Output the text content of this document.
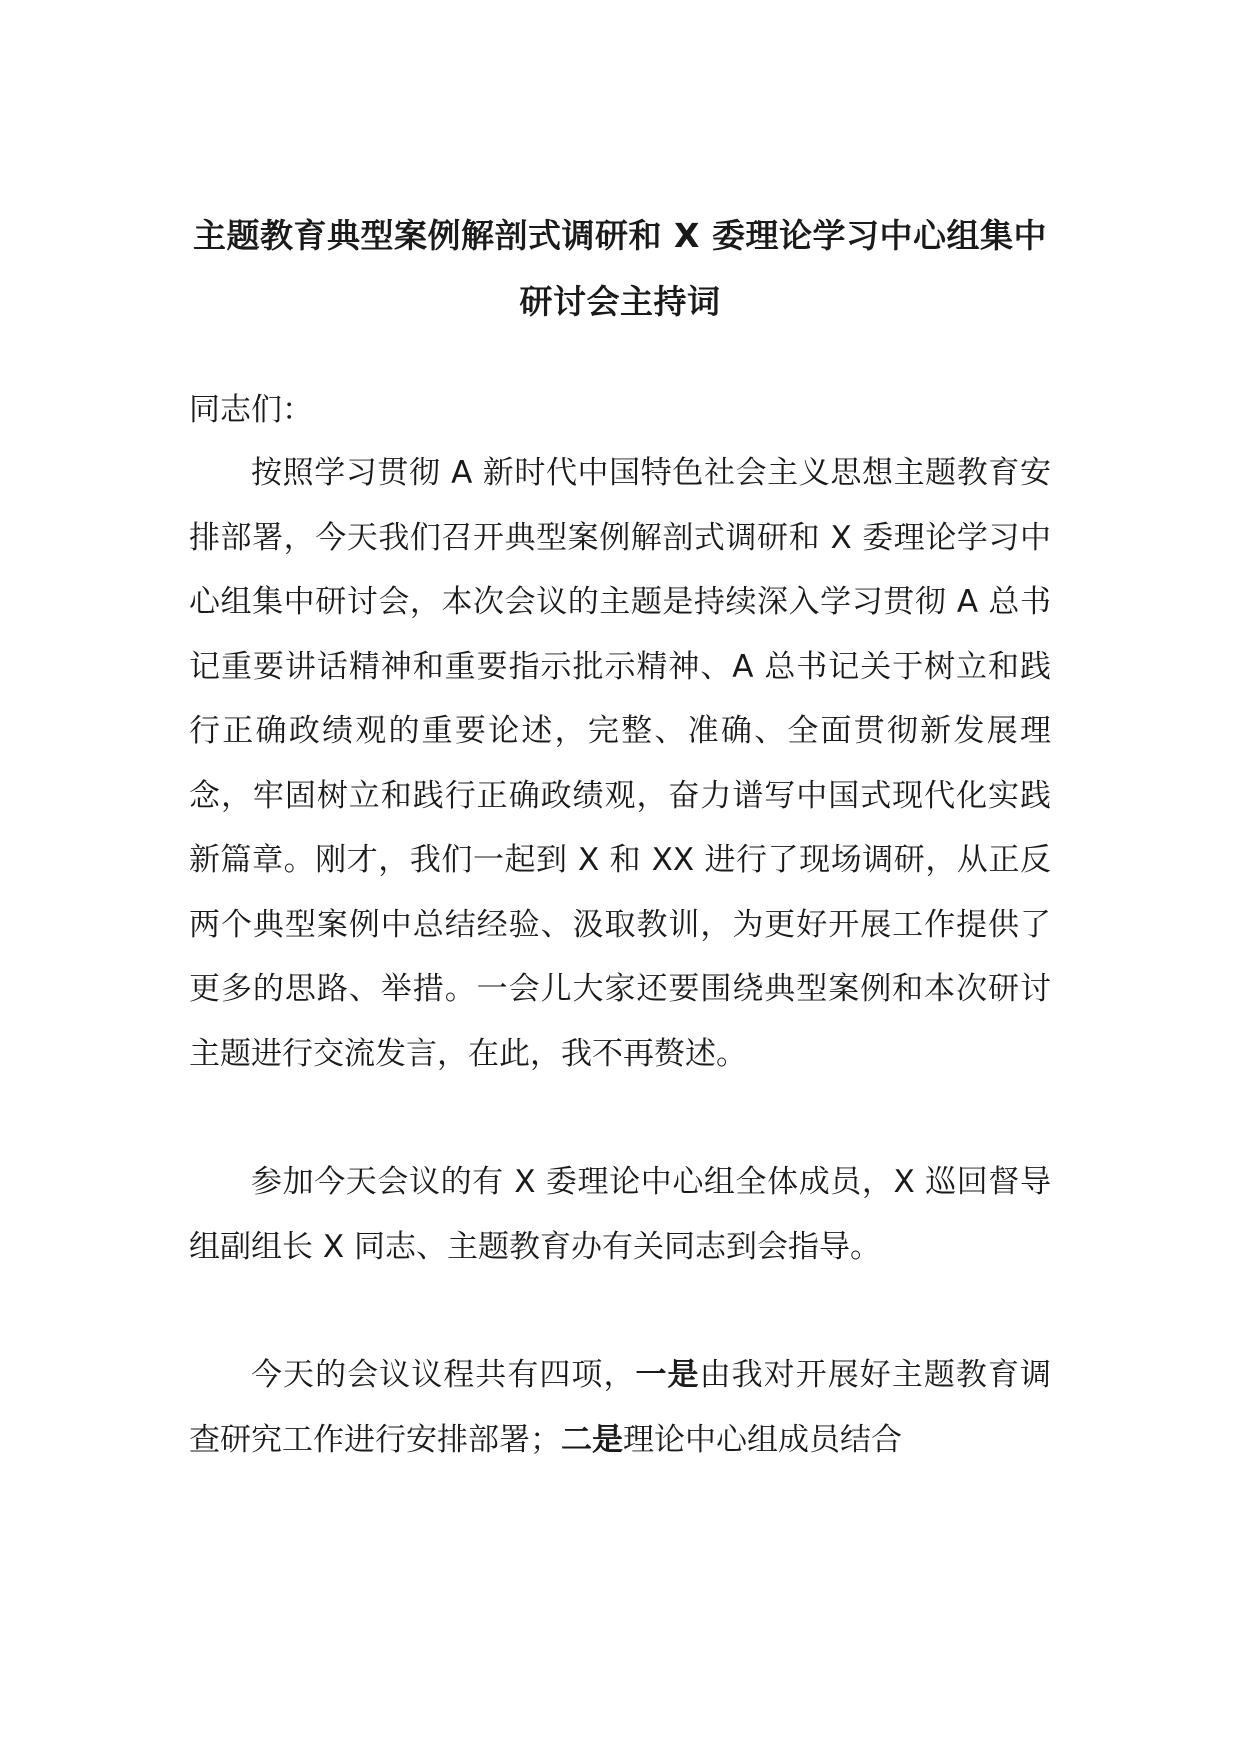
主题教育典型案例解剖式调研和 X 委理论学习中心组集中
研讨会主持词
同志们：

按照学习贯彻 A 新时代中国特色社会主义思想主题教育安排部署，今天我们召开典型案例解剖式调研和 X 委理论学习中心组集中研讨会，本次会议的主题是持续深入学习贯彻 A 总书记重要讲话精神和重要指示批示精神、A 总书记关于树立和践行正确政绩观的重要论述，完整、准确、全面贯彻新发展理念，牢固树立和践行正确政绩观，奋力谱写中国式现代化实践新篇章。刚才，我们一起到 X 和 XX 进行了现场调研，从正反两个典型案例中总结经验、汲取教训，为更好开展工作提供了更多的思路、举措。一会儿大家还要围绕典型案例和本次研讨主题进行交流发言，在此，我不再赘述。

参加今天会议的有 X 委理论中心组全体成员，X 巡回督导组副组长 X 同志、主题教育办有关同志到会指导。

今天的会议议程共有四项，一是由我对开展好主题教育调查研究工作进行安排部署；二是理论中心组成员结合
